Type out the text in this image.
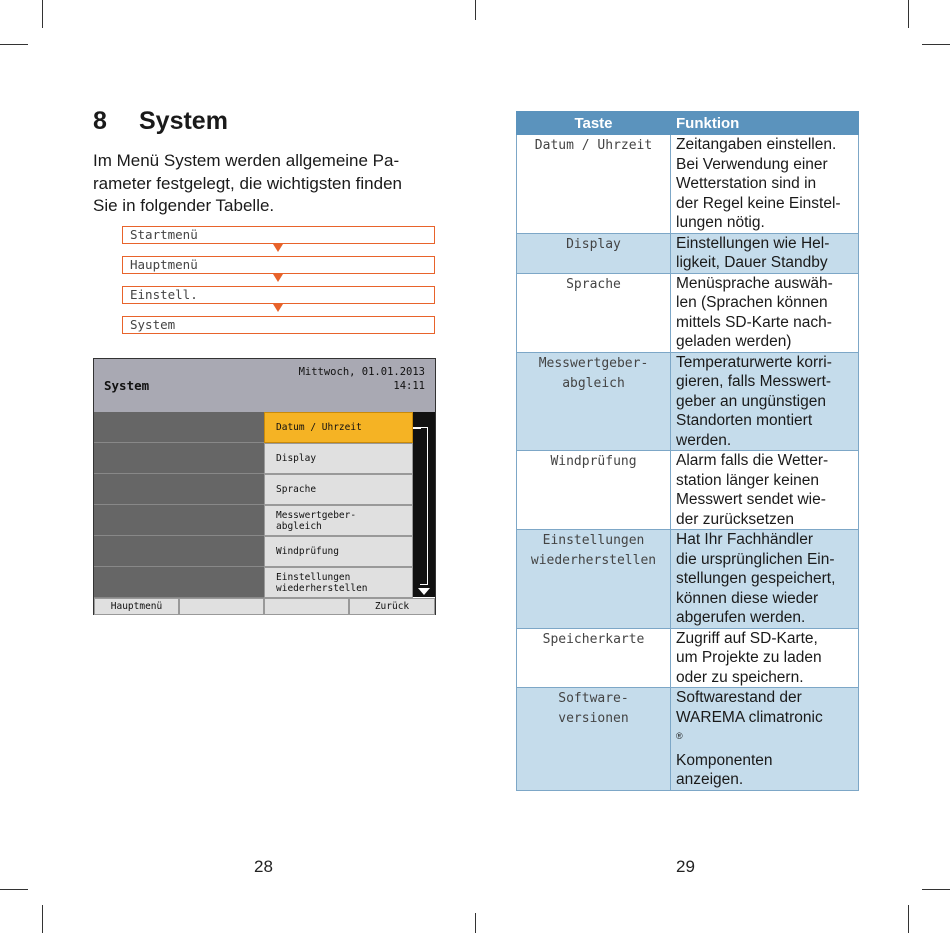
8 System

Im Menü System werden allgemeine Pa-
rameter festgelegt, die wichtigsten finden
Sie in folgender Tabelle.

Startmenü
Hauptmenü
Einstell.
System
System
Mittwoch, 01.01.2013
14:11
Datum / Uhrzeit
Display
Sprache
Messwertgeber-
abgleich
Windprüfung
Einstellungen
wiederherstellen
Hauptmenü	Zurück
28
Taste	Funktion

Datum / Uhrzeit	Zeitangaben einstellen.
Bei Verwendung einer
Wetterstation sind in
der Regel keine Einstel-
lungen nötig.

Display	Einstellungen wie Hel-
ligkeit, Dauer Standby

Sprache	Menüsprache auswäh-
len (Sprachen können
mittels SD-Karte nach-
geladen werden)

Messwertgeber-
abgleich	Temperaturwerte korri-
gieren, falls Messwert-
geber an ungünstigen
Standorten montiert
werden.

Windprüfung	Alarm falls die Wetter-
station länger keinen
Messwert sendet wie-
der zurücksetzen

Einstellungen
wiederherstellen	Hat Ihr Fachhändler
die ursprünglichen Ein-
stellungen gespeichert,
können diese wieder
abgerufen werden.

Speicherkarte	Zugriff auf SD-Karte,
um Projekte zu laden
oder zu speichern.

Software-
versionen	Softwarestand der
WAREMA climatronic
®
Komponenten
anzeigen.
29
